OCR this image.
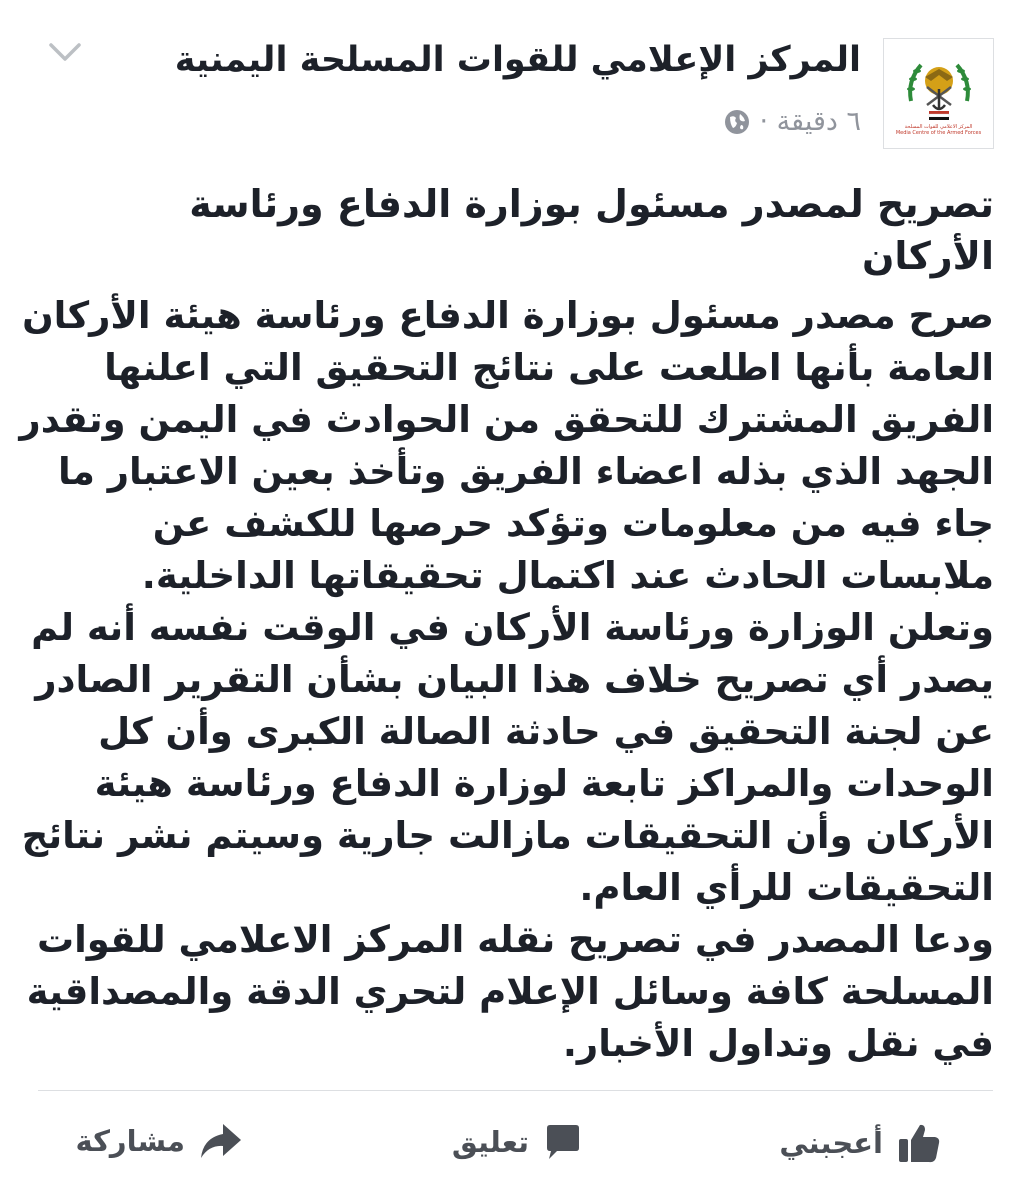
المركز الاعلامي للقوات المسلحة
Media Centre of the Armed Forces
المركز الإعلامي للقوات المسلحة اليمنية
٦ دقيقة ·
تصريح لمصدر مسئول بوزارة الدفاع ورئاسة الأركان

صرح مصدر مسئول بوزارة الدفاع ورئاسة هيئة الأركان العامة بأنها اطلعت على نتائج التحقيق التي اعلنها الفريق المشترك للتحقق من الحوادث في اليمن وتقدر الجهد الذي بذله اعضاء الفريق وتأخذ بعين الاعتبار ما جاء فيه من معلومات وتؤكد حرصها للكشف عن ملابسات الحادث عند اكتمال تحقيقاتها الداخلية.

وتعلن الوزارة ورئاسة الأركان في الوقت نفسه أنه لم يصدر أي تصريح خلاف هذا البيان بشأن التقرير الصادر عن لجنة التحقيق في حادثة الصالة الكبرى وأن كل الوحدات والمراكز تابعة لوزارة الدفاع ورئاسة هيئة الأركان وأن التحقيقات مازالت جارية وسيتم نشر نتائج التحقيقات للرأي العام.

ودعا المصدر في تصريح نقله المركز الاعلامي للقوات المسلحة كافة وسائل الإعلام لتحري الدقة والمصداقية في نقل وتداول الأخبار.

أعجبني
تعليق
مشاركة
